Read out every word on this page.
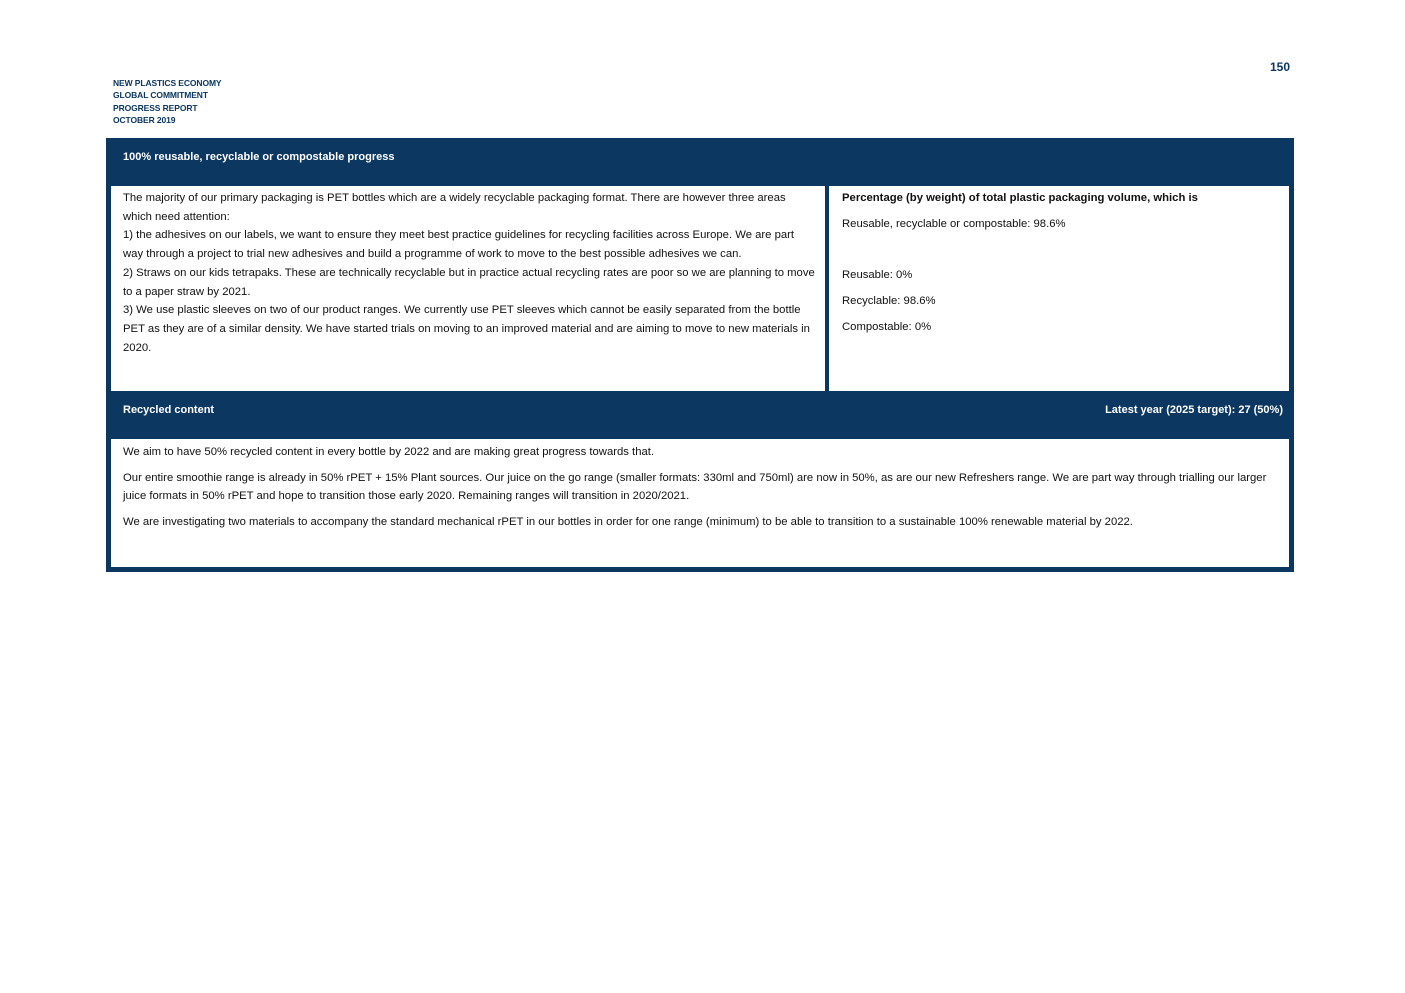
150
NEW PLASTICS ECONOMY
GLOBAL COMMITMENT
PROGRESS REPORT
OCTOBER 2019
100% reusable, recyclable or compostable progress

The majority of our primary packaging is PET bottles which are a widely recyclable packaging format. There are however three areas which need attention:

1) the adhesives on our labels, we want to ensure they meet best practice guidelines for recycling facilities across Europe. We are part way through a project to trial new adhesives and build a programme of work to move to the best possible adhesives we can.

2) Straws on our kids tetrapaks. These are technically recyclable but in practice actual recycling rates are poor so we are planning to move to a paper straw by 2021.

3) We use plastic sleeves on two of our product ranges. We currently use PET sleeves which cannot be easily separated from the bottle PET as they are of a similar density. We have started trials on moving to an improved material and are aiming to move to new materials in 2020.

Percentage (by weight) of total plastic packaging volume, which is

Reusable, recyclable or compostable: 98.6%

Reusable: 0%

Recyclable: 98.6%

Compostable: 0%

Recycled content	Latest year (2025 target): 27 (50%)

We aim to have 50% recycled content in every bottle by 2022 and are making great progress towards that.

Our entire smoothie range is already in 50% rPET + 15% Plant sources. Our juice on the go range (smaller formats: 330ml and 750ml) are now in 50%, as are our new Refreshers range. We are part way through trialling our larger juice formats in 50% rPET and hope to transition those early 2020. Remaining ranges will transition in 2020/2021.

We are investigating two materials to accompany the standard mechanical rPET in our bottles in order for one range (minimum) to be able to transition to a sustainable 100% renewable material by 2022.
